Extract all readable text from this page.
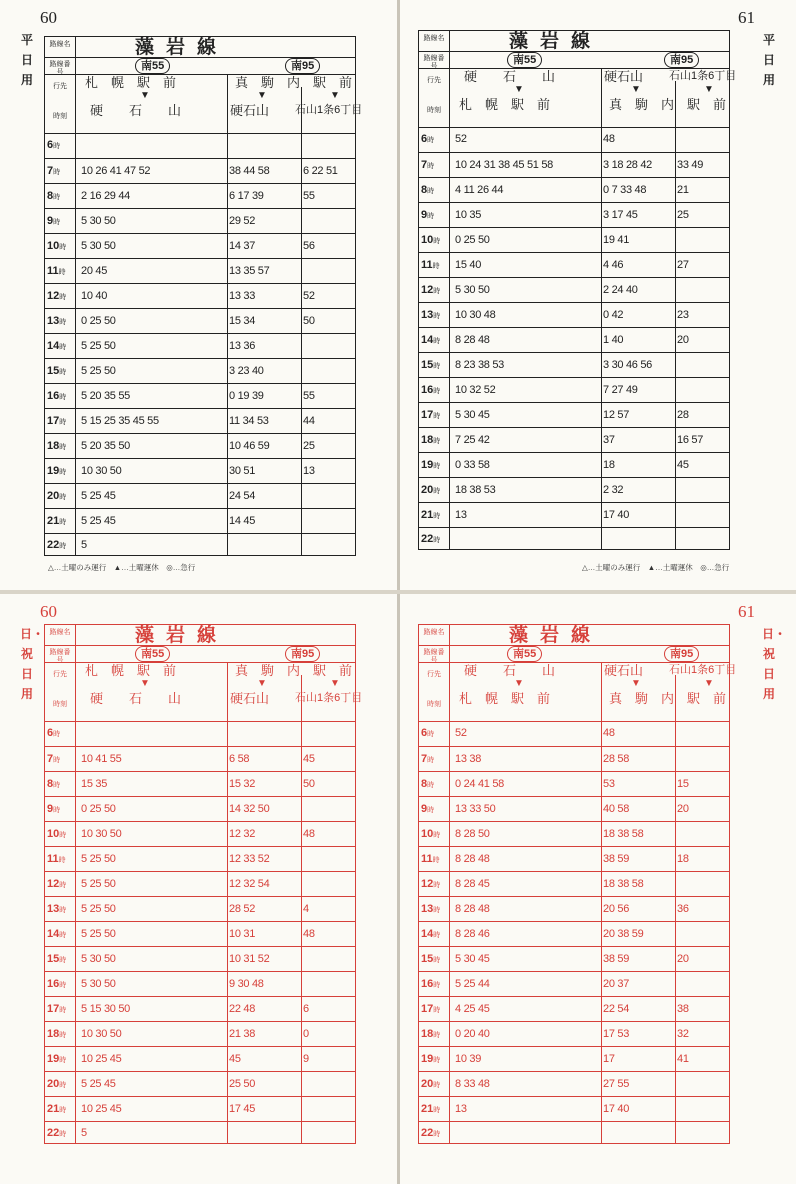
60
平日用
路線名
路線番号
行先
時刻
藻岩線
南55	南95
札　幌　駅　前	真　駒　内　駅　前
▼	▼	▼
硬　　石　　山	硬石山	石山1条6丁目
6時
7時	10 26 41 47 52	38 44 58	6 22 51
8時	2 16 29 44	6 17 39	55
9時	5 30 50	29 52
10時	5 30 50	14 37	56
11時	20 45	13 35 57
12時	10 40	13 33	52
13時	0 25 50	15 34	50
14時	5 25 50	13 36
15時	5 25 50	3 23 40
16時	5 20 35 55	0 19 39	55
17時	5 15 25 35 45 55	11 34 53	44
18時	5 20 35 50	10 46 59	25
19時	10 30 50	30 51	13
20時	5 25 45	24 54
21時	5 25 45	14 45
22時	5
△…土曜のみ運行　▲…土曜運休　◎…急行
61
平日用
路線名
路線番号
行先
時刻
藻岩線
南55	南95
硬　　石　　山	硬石山	石山1条6丁目
▼	▼	▼
札　幌　駅　前	真　駒　内　駅　前
6時	52	48
7時	10 24 31 38 45 51 58	3 18 28 42	33 49
8時	4 11 26 44	0 7 33 48	21
9時	10 35	3 17 45	25
10時	0 25 50	19 41
11時	15 40	4 46	27
12時	5 30 50	2 24 40
13時	10 30 48	0 42	23
14時	8 28 48	1 40	20
15時	8 23 38 53	3 30 46 56
16時	10 32 52	7 27 49
17時	5 30 45	12 57	28
18時	7 25 42	37	16 57
19時	0 33 58	18	45
20時	18 38 53	2 32
21時	13	17 40
22時
△…土曜のみ運行　▲…土曜運休　◎…急行
60
日・祝日用
路線名
路線番号
行先
時刻
藻岩線
南55	南95
札　幌　駅　前	真　駒　内　駅　前
▼	▼	▼
硬　　石　　山	硬石山	石山1条6丁目
6時
7時	10 41 55	6 58	45
8時	15 35	15 32	50
9時	0 25 50	14 32 50
10時	10 30 50	12 32	48
11時	5 25 50	12 33 52
12時	5 25 50	12 32 54
13時	5 25 50	28 52	4
14時	5 25 50	10 31	48
15時	5 30 50	10 31 52
16時	5 30 50	9 30 48
17時	5 15 30 50	22 48	6
18時	10 30 50	21 38	0
19時	10 25 45	45	9
20時	5 25 45	25 50
21時	10 25 45	17 45
22時	5
61
日・祝日用
路線名
路線番号
行先
時刻
藻岩線
南55	南95
硬　　石　　山	硬石山	石山1条6丁目
▼	▼	▼
札　幌　駅　前	真　駒　内　駅　前
6時	52	48
7時	13 38	28 58
8時	0 24 41 58	53	15
9時	13 33 50	40 58	20
10時	8 28 50	18 38 58
11時	8 28 48	38 59	18
12時	8 28 45	18 38 58
13時	8 28 48	20 56	36
14時	8 28 46	20 38 59
15時	5 30 45	38 59	20
16時	5 25 44	20 37
17時	4 25 45	22 54	38
18時	0 20 40	17 53	32
19時	10 39	17	41
20時	8 33 48	27 55
21時	13	17 40
22時
